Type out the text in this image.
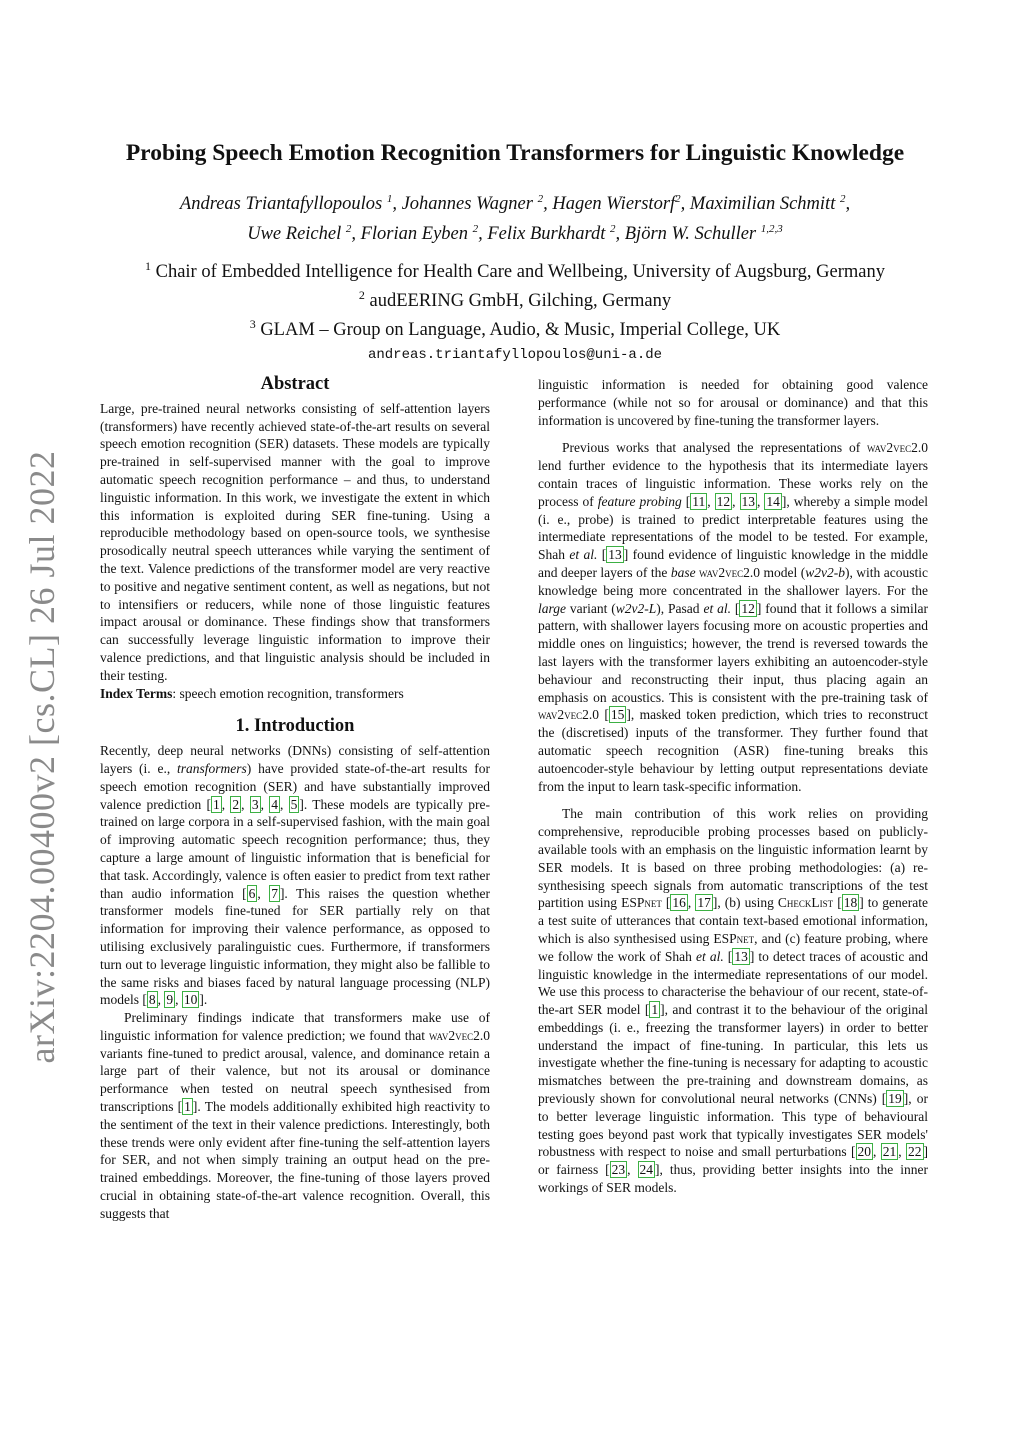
arXiv:2204.00400v2 [cs.CL] 26 Jul 2022
Probing Speech Emotion Recognition Transformers for Linguistic Knowledge
Andreas Triantafyllopoulos $^1$, Johannes Wagner $^2$, Hagen Wierstorf$^2$, Maximilian Schmitt $^2$,
Uwe Reichel $^2$, Florian Eyben $^2$, Felix Burkhardt $^2$, Björn W. Schuller $^{1,2,3}$
$^1$ Chair of Embedded Intelligence for Health Care and Wellbeing, University of Augsburg, Germany
$^2$ audEERING GmbH, Gilching, Germany
$^3$ GLAM – Group on Language, Audio, & Music, Imperial College, UK
andreas.triantafyllopoulos@uni-a.de
Abstract

Large, pre-trained neural networks consisting of self-attention layers (transformers) have recently achieved state-of-the-art results on several speech emotion recognition (SER) datasets. These models are typically pre-trained in self-supervised manner with the goal to improve automatic speech recognition performance – and thus, to understand linguistic information. In this work, we investigate the extent in which this information is exploited during SER fine-tuning. Using a reproducible methodology based on open-source tools, we synthesise prosodically neutral speech utterances while varying the sentiment of the text. Valence predictions of the transformer model are very reactive to positive and negative sentiment content, as well as negations, but not to intensifiers or reducers, while none of those linguistic features impact arousal or dominance. These findings show that transformers can successfully leverage linguistic information to improve their valence predictions, and that linguistic analysis should be included in their testing.

Index Terms: speech emotion recognition, transformers

1. Introduction

Recently, deep neural networks (DNNs) consisting of self-attention layers (i. e., transformers) have provided state-of-the-art results for speech emotion recognition (SER) and have substantially improved valence prediction [ 1 , 2 , 3 , 4 , 5 ]. These models are typically pre-trained on large corpora in a self-supervised fashion, with the main goal of improving automatic speech recognition performance; thus, they capture a large amount of linguistic information that is beneficial for that task. Accordingly, valence is often easier to predict from text rather than audio information [ 6 , 7 ]. This raises the question whether transformer models fine-tuned for SER partially rely on that information for improving their valence performance, as opposed to utilising exclusively paralinguistic cues. Furthermore, if transformers turn out to leverage linguistic information, they might also be fallible to the same risks and biases faced by natural language processing (NLP) models [ 8 , 9 , 10 ].

Preliminary findings indicate that transformers make use of linguistic information for valence prediction; we found that wav2vec2.0 variants fine-tuned to predict arousal, valence, and dominance retain a large part of their valence, but not its arousal or dominance performance when tested on neutral speech synthesised from transcriptions [ 1 ]. The models additionally exhibited high reactivity to the sentiment of the text in their valence predictions. Interestingly, both these trends were only evident after fine-tuning the self-attention layers for SER, and not when simply training an output head on the pre-trained embeddings. Moreover, the fine-tuning of those layers proved crucial in obtaining state-of-the-art valence recognition. Overall, this suggests that

linguistic information is needed for obtaining good valence performance (while not so for arousal or dominance) and that this information is uncovered by fine-tuning the transformer layers.

Previous works that analysed the representations of wav2vec2.0 lend further evidence to the hypothesis that its intermediate layers contain traces of linguistic information. These works rely on the process of feature probing [ 11 , 12 , 13 , 14 ], whereby a simple model (i. e., probe) is trained to predict interpretable features using the intermediate representations of the model to be tested. For example, Shah et al. [ 13 ] found evidence of linguistic knowledge in the middle and deeper layers of the base wav2vec2.0 model (w2v2-b), with acoustic knowledge being more concentrated in the shallower layers. For the large variant (w2v2-L), Pasad et al. [ 12 ] found that it follows a similar pattern, with shallower layers focusing more on acoustic properties and middle ones on linguistics; however, the trend is reversed towards the last layers with the transformer layers exhibiting an autoencoder-style behaviour and reconstructing their input, thus placing again an emphasis on acoustics. This is consistent with the pre-training task of wav2vec2.0 [ 15 ], masked token prediction, which tries to reconstruct the (discretised) inputs of the transformer. They further found that automatic speech recognition (ASR) fine-tuning breaks this autoencoder-style behaviour by letting output representations deviate from the input to learn task-specific information.

The main contribution of this work relies on providing comprehensive, reproducible probing processes based on publicly-available tools with an emphasis on the linguistic information learnt by SER models. It is based on three probing methodologies: (a) re-synthesising speech signals from automatic transcriptions of the test partition using ESPnet [ 16 , 17 ], (b) using CheckList [ 18 ] to generate a test suite of utterances that contain text-based emotional information, which is also synthesised using ESPnet, and (c) feature probing, where we follow the work of Shah et al. [ 13 ] to detect traces of acoustic and linguistic knowledge in the intermediate representations of our model. We use this process to characterise the behaviour of our recent, state-of-the-art SER model [ 1 ], and contrast it to the behaviour of the original embeddings (i. e., freezing the transformer layers) in order to better understand the impact of fine-tuning. In particular, this lets us investigate whether the fine-tuning is necessary for adapting to acoustic mismatches between the pre-training and downstream domains, as previously shown for convolutional neural networks (CNNs) [ 19 ], or to better leverage linguistic information. This type of behavioural testing goes beyond past work that typically investigates SER models' robustness with respect to noise and small perturbations [ 20 , 21 , 22 ] or fairness [ 23 , 24 ], thus, providing better insights into the inner workings of SER models.
